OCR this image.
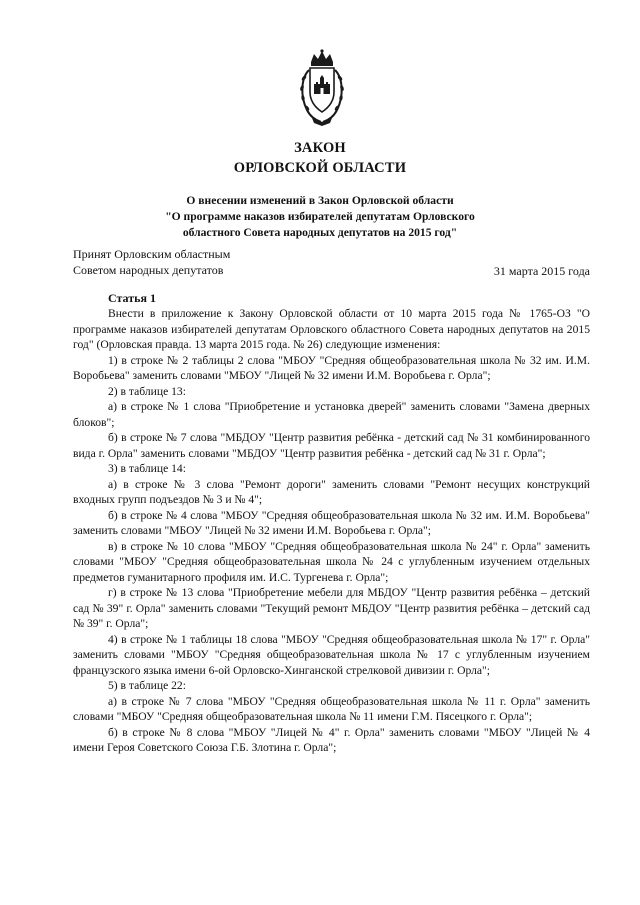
ЗАКОН
ОРЛОВСКОЙ ОБЛАСТИ
О внесении изменений в Закон Орловской области
"О программе наказов избирателей депутатам Орловского
областного Совета народных депутатов на 2015 год"
Принят Орловским областным
Советом народных депутатов	31 марта 2015 года
Статья 1

Внести в приложение к Закону Орловской области от 10 марта 2015 года № 1765-ОЗ "О программе наказов избирателей депутатам Орловского областного Совета народных депутатов на 2015 год" (Орловская правда. 13 марта 2015 года. № 26) следующие изменения:

1) в строке № 2 таблицы 2 слова "МБОУ "Средняя общеобразовательная школа № 32 им. И.М. Воробьева" заменить словами "МБОУ "Лицей № 32 имени И.М. Воробьева г. Орла";

2) в таблице 13:

а) в строке № 1 слова "Приобретение и установка дверей" заменить словами "Замена дверных блоков";

б) в строке № 7 слова "МБДОУ "Центр развития ребёнка - детский сад № 31 комбинированного вида г. Орла" заменить словами "МБДОУ "Центр развития ребёнка - детский сад № 31 г. Орла";

3) в таблице 14:

а) в строке № 3 слова "Ремонт дороги" заменить словами "Ремонт несущих конструкций входных групп подъездов № 3 и № 4";

б) в строке № 4 слова "МБОУ "Средняя общеобразовательная школа № 32 им. И.М. Воробьева" заменить словами "МБОУ "Лицей № 32 имени И.М. Воробьева г. Орла";

в) в строке № 10 слова "МБОУ "Средняя общеобразовательная школа № 24" г. Орла" заменить словами "МБОУ "Средняя общеобразовательная школа № 24 с углубленным изучением отдельных предметов гуманитарного профиля им. И.С. Тургенева г. Орла";

г) в строке № 13 слова "Приобретение мебели для МБДОУ "Центр развития ребёнка – детский сад № 39" г. Орла" заменить словами "Текущий ремонт МБДОУ "Центр развития ребёнка – детский сад № 39" г. Орла";

4) в строке № 1 таблицы 18 слова "МБОУ "Средняя общеобразовательная школа № 17" г. Орла" заменить словами "МБОУ "Средняя общеобразовательная школа № 17 с углубленным изучением французского языка имени 6-ой Орловско-Хинганской стрелковой дивизии г. Орла";

5) в таблице 22:

а) в строке № 7 слова "МБОУ "Средняя общеобразовательная школа № 11 г. Орла" заменить словами "МБОУ "Средняя общеобразовательная школа № 11 имени Г.М. Пясецкого г. Орла";

б) в строке № 8 слова "МБОУ "Лицей № 4" г. Орла" заменить словами "МБОУ "Лицей № 4 имени Героя Советского Союза Г.Б. Злотина г. Орла";
